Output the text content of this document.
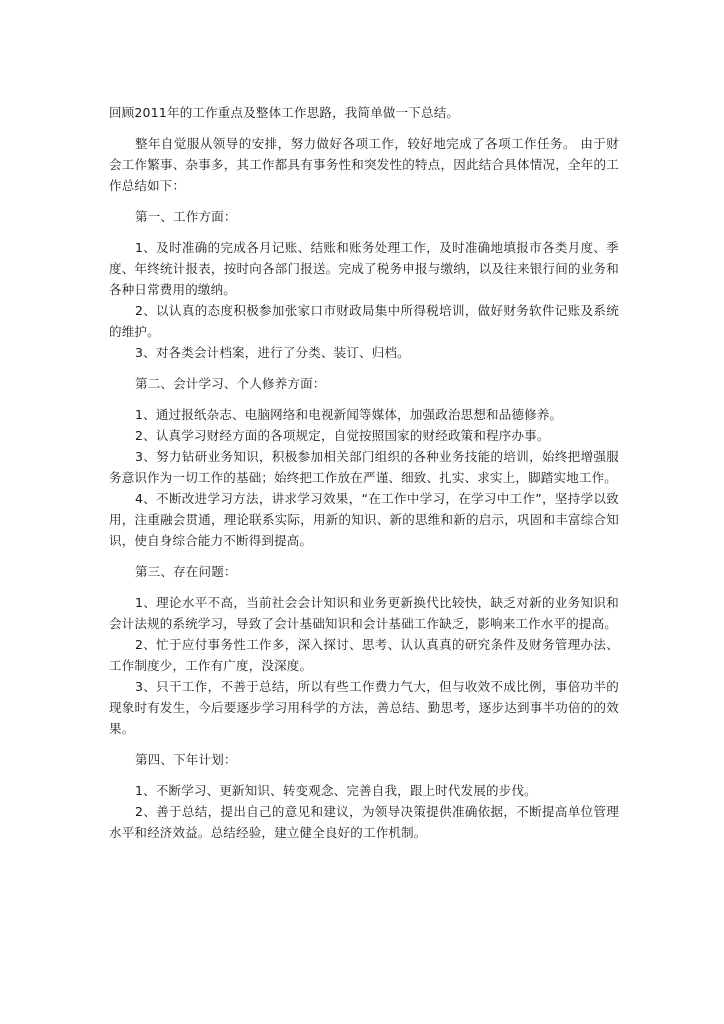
回顾2011年的工作重点及整体工作思路，我简单做一下总结。

整年自觉服从领导的安排，努力做好各项工作，较好地完成了各项工作任务。 由于财会工作繁事、杂事多，其工作都具有事务性和突发性的特点，因此结合具体情况，全年的工作总结如下：

第一、工作方面：

1、及时准确的完成各月记账、结账和账务处理工作，及时准确地填报市各类月度、季度、年终统计报表，按时向各部门报送。完成了税务申报与缴纳，以及往来银行间的业务和各种日常费用的缴纳。

2、以认真的态度积极参加张家口市财政局集中所得税培训，做好财务软件记账及系统的维护。

3、对各类会计档案，进行了分类、装订、归档。

第二、会计学习、个人修养方面：

1、通过报纸杂志、电脑网络和电视新闻等媒体，加强政治思想和品德修养。

2、认真学习财经方面的各项规定，自觉按照国家的财经政策和程序办事。

3、努力钻研业务知识，积极参加相关部门组织的各种业务技能的培训，始终把增强服务意识作为一切工作的基础；始终把工作放在严谨、细致、扎实、求实上，脚踏实地工作。

4、不断改进学习方法，讲求学习效果，“在工作中学习，在学习中工作”，坚持学以致用，注重融会贯通，理论联系实际，用新的知识、新的思维和新的启示，巩固和丰富综合知识，使自身综合能力不断得到提高。

第三、存在问题：

1、理论水平不高，当前社会会计知识和业务更新换代比较快，缺乏对新的业务知识和会计法规的系统学习，导致了会计基础知识和会计基础工作缺乏，影响来工作水平的提高。

2、忙于应付事务性工作多，深入探讨、思考、认认真真的研究条件及财务管理办法、工作制度少，工作有广度，没深度。

3、只干工作，不善于总结，所以有些工作费力气大，但与收效不成比例，事倍功半的现象时有发生，今后要逐步学习用科学的方法，善总结、勤思考，逐步达到事半功倍的的效果。

第四、下年计划：

1、不断学习、更新知识、转变观念、完善自我，跟上时代发展的步伐。

2、善于总结，提出自己的意见和建议，为领导决策提供准确依据，不断提高单位管理水平和经济效益。总结经验，建立健全良好的工作机制。
